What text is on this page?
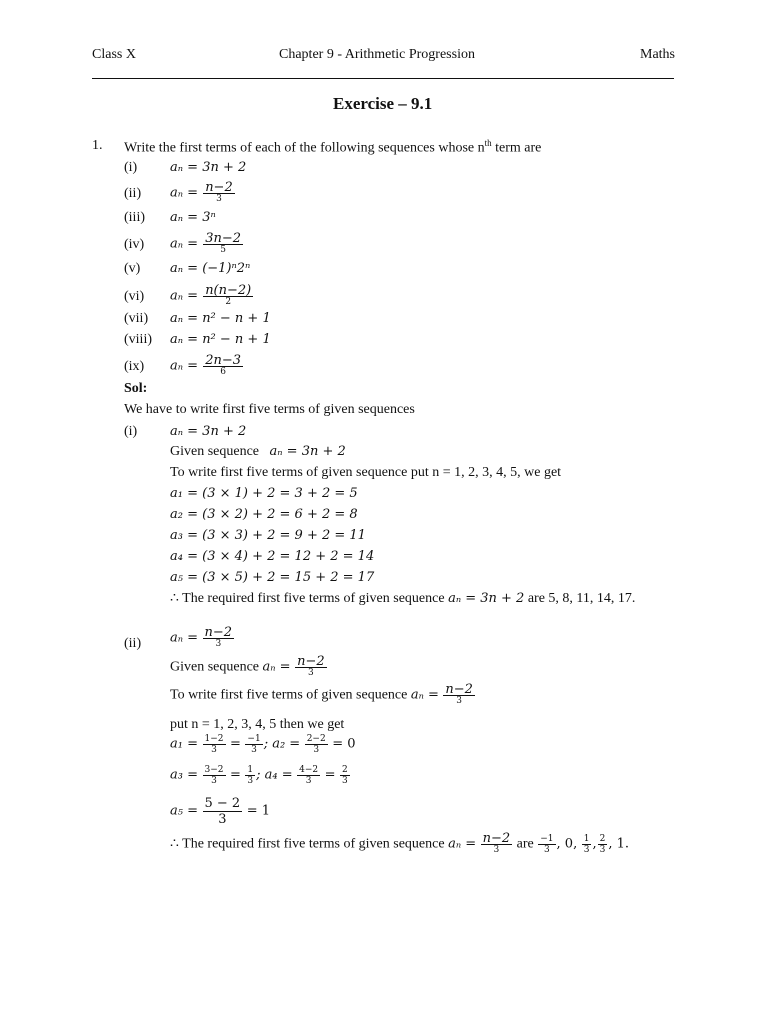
Class X	Chapter 9 - Arithmetic Progression	Maths
Exercise – 9.1
1. Write the first terms of each of the following sequences whose $n^{th}$ term are
(i)	aₙ = 3n + 2
(ii) $a_n = \frac{n-2}{3}$
(iii) aₙ = 3ⁿ
(iv) $a_n = \frac{3n-2}{5}$
(v) aₙ = (−1)ⁿ2ⁿ
(vi) $a_n = \frac{n(n-2)}{2}$
(vii) aₙ = n² − n + 1
(viii) aₙ = n² − n + 1
(ix) $a_n = \frac{2n-3}{6}$
Sol:
We have to write first five terms of given sequences
(i)	aₙ = 3n + 2
Given sequence aₙ = 3n + 2
To write first five terms of given sequence put n = 1, 2, 3, 4, 5, we get
a₁ = (3 × 1) + 2 = 3 + 2 = 5
a₂ = (3 × 2) + 2 = 6 + 2 = 8
a₃ = (3 × 3) + 2 = 9 + 2 = 11
a₄ = (3 × 4) + 2 = 12 + 2 = 14
a₅ = (3 × 5) + 2 = 15 + 2 = 17
∴ The required first five terms of given sequence aₙ = 3n + 2 are 5, 8, 11, 14, 17.
(ii) $a_n = \frac{n-2}{3}$
Given sequence $a_n = \frac{n-2}{3}$
To write first five terms of given sequence $a_n = \frac{n-2}{3}$
put n = 1, 2, 3, 4, 5 then we get
$a_1 = \frac{1-2}{3} = \frac{-1}{3}$ ; $a_2 = \frac{2-2}{3} = 0$
$a_3 = \frac{3-2}{3} = \frac{1}{3}$ ; $a_4 = \frac{4-2}{3} = \frac{2}{3}$
$a_5 = \frac{5 - 2}{3} = 1$
∴ The required first five terms of given sequence $a_n = \frac{n-2}{3}$ are $\frac{-1}{3}$ , 0, $\frac{1}{3}$ , $\frac{2}{3}$ , 1.
